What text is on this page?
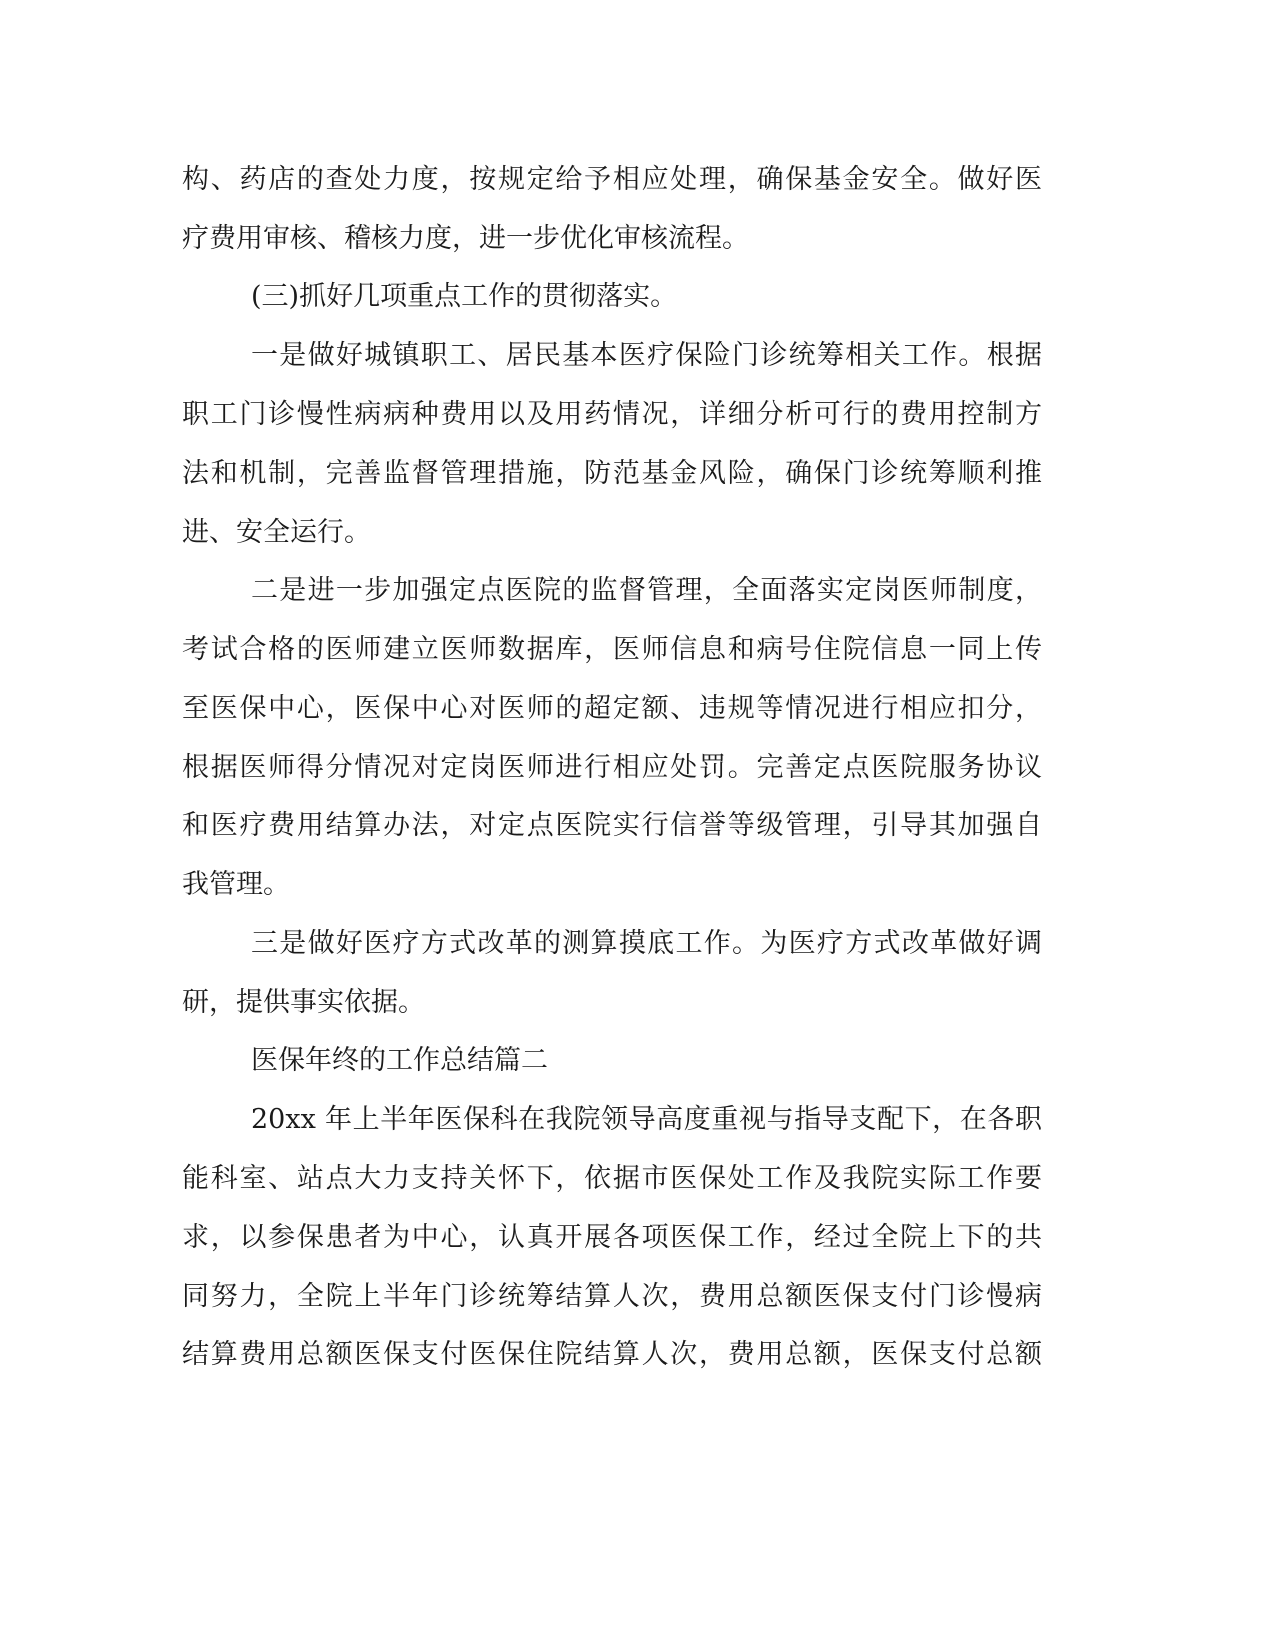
构、药店的查处力度，按规定给予相应处理，确保基金安全。做好医
疗费用审核、稽核力度，进一步优化审核流程。
(三)抓好几项重点工作的贯彻落实。
一是做好城镇职工、居民基本医疗保险门诊统筹相关工作。根据
职工门诊慢性病病种费用以及用药情况，详细分析可行的费用控制方
法和机制，完善监督管理措施，防范基金风险，确保门诊统筹顺利推
进、安全运行。
二是进一步加强定点医院的监督管理，全面落实定岗医师制度，
考试合格的医师建立医师数据库，医师信息和病号住院信息一同上传
至医保中心，医保中心对医师的超定额、违规等情况进行相应扣分，
根据医师得分情况对定岗医师进行相应处罚。完善定点医院服务协议
和医疗费用结算办法，对定点医院实行信誉等级管理，引导其加强自
我管理。
三是做好医疗方式改革的测算摸底工作。为医疗方式改革做好调
研，提供事实依据。
医保年终的工作总结篇二
20xx 年上半年医保科在我院领导高度重视与指导支配下，在各职
能科室、站点大力支持关怀下，依据市医保处工作及我院实际工作要
求，以参保患者为中心，认真开展各项医保工作，经过全院上下的共
同努力，全院上半年门诊统筹结算人次，费用总额医保支付门诊慢病
结算费用总额医保支付医保住院结算人次，费用总额，医保支付总额
